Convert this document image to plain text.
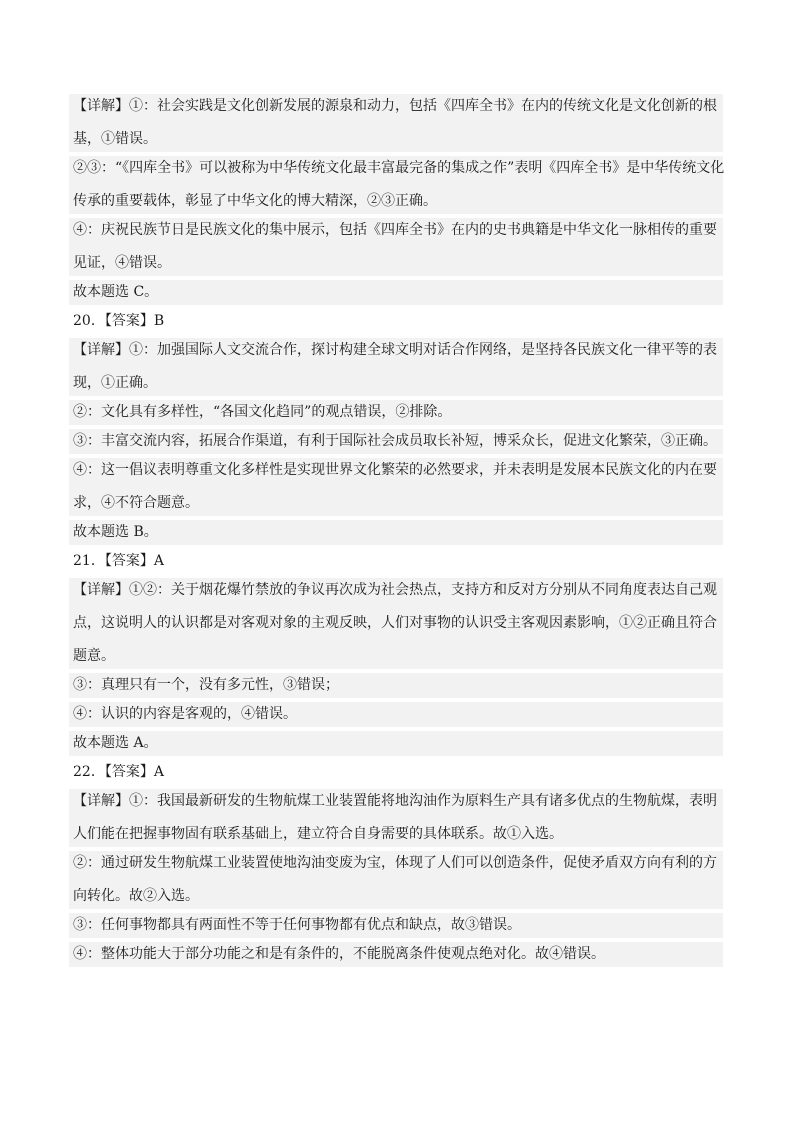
【详解】①：社会实践是文化创新发展的源泉和动力，包括《四库全书》在内的传统文化是文化创新的根
基，①错误。
②③：“《四库全书》可以被称为中华传统文化最丰富最完备的集成之作”表明《四库全书》是中华传统文化
传承的重要载体，彰显了中华文化的博大精深，②③正确。
④：庆祝民族节日是民族文化的集中展示，包括《四库全书》在内的史书典籍是中华文化一脉相传的重要
见证，④错误。
故本题选 C。
20．【答案】B
【详解】①：加强国际人文交流合作，探讨构建全球文明对话合作网络，是坚持各民族文化一律平等的表
现，①正确。
②：文化具有多样性，“各国文化趋同”的观点错误，②排除。
③：丰富交流内容，拓展合作渠道，有利于国际社会成员取长补短，博采众长，促进文化繁荣，③正确。
④：这一倡议表明尊重文化多样性是实现世界文化繁荣的必然要求，并未表明是发展本民族文化的内在要
求，④不符合题意。
故本题选 B。
21．【答案】A
【详解】①②：关于烟花爆竹禁放的争议再次成为社会热点，支持方和反对方分别从不同角度表达自己观
点，这说明人的认识都是对客观对象的主观反映，人们对事物的认识受主客观因素影响，①②正确且符合
题意。
③：真理只有一个，没有多元性，③错误；
④：认识的内容是客观的，④错误。
故本题选 A。
22．【答案】A
【详解】①：我国最新研发的生物航煤工业装置能将地沟油作为原料生产具有诸多优点的生物航煤，表明
人们能在把握事物固有联系基础上，建立符合自身需要的具体联系。故①入选。
②：通过研发生物航煤工业装置使地沟油变废为宝，体现了人们可以创造条件，促使矛盾双方向有利的方
向转化。故②入选。
③：任何事物都具有两面性不等于任何事物都有优点和缺点，故③错误。
④：整体功能大于部分功能之和是有条件的，不能脱离条件使观点绝对化。故④错误。
